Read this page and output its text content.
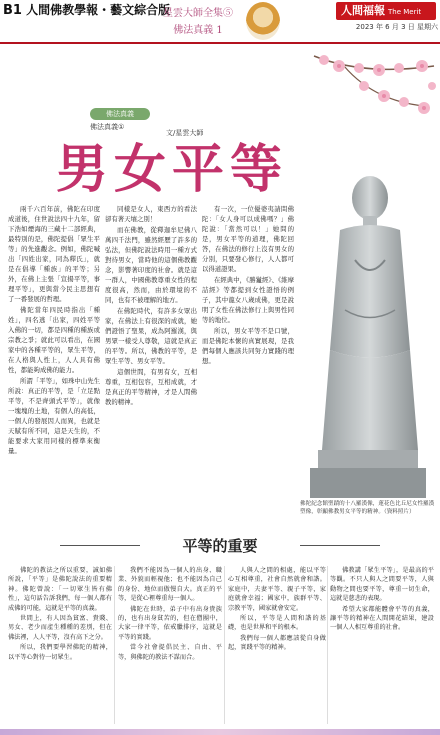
B1 人間佛教學報・藝文綜合版
星雲大師全集⑤
佛法真義 1
人間福報 The Merit Times
2023 年 6 月 3 日 星期六
佛法真義
佛法真義①
文/星雲大師
男女平等

兩千六百年前，佛陀在印度成道後，住世說法四十九年，留下浩如煙海的三藏十二部經典，最特別的是，佛陀提倡「眾生平等」的先進觀念。例如，佛陀喊出「四姓出家，同為釋氏」，就是在倡導「種族」的平等；另外，在佛上主張「宣揚平等，事理平等」，更與當今民主思想有了一番發展的哲理。

佛陀當年四民時指出「種姓」，四名逃「出家，四姓平等入佛的一切，都是四種的種族或宗教之爭；就此可以看出，在國家中的各種平等的，眾生平等，在人格與人性上，人人具有佛性，都能夠成佛的能力。

所謂「平等」，如珠中山先生所說：真正的平等，是「立足點平等，不是齊頭式平等」，就像一塊塊的土地，有個人的高低，一個人的發展因人而異，也就是天賦有所不同，這是天生的，不能要求大家用同樣的標準來衡量。

同樣是女人，東西方的看法卻有著天壤之別！

而在佛教，從釋迦牟尼佛八萬四千法門，雖然經歷了許多的弘法，但佛陀說法時用一種方式對待男女，當時他的這個佛教觀念，影響著印度的社會。就是這一群人，中國佛教尊重女性的程度很高，然而，由於環境的不同，也有不被理解的地方。

在佛陀時代，有許多女眾出家，在佛法上有很深的成就，她們證悟了聖果，成為阿羅漢，與男眾一樣受人尊敬，這就是真正的平等。所以，佛教的平等，是眾生平等、男女平等。

這個世間，有男有女，互相尊重，互相包容，互相成就，才是真正的平等精神，才是人間佛教的精神。

有一次，一位優婆夷請問佛陀：「女人身可以成佛嗎？」佛陀說：「當然可以！」她問的是，男女平等的道理，佛陀回答，在佛法的修行上沒有男女的分別，只要發心修行，人人都可以得道證果。

在經典中，《勝鬘經》、《維摩詰經》等都提到女性證悟的例子，其中龍女八歲成佛，更是說明了女性在佛法修行上與男性同等的地位。

所以，男女平等不是口號，而是佛陀本懷的真實展現，是我們每個人應該共同努力實踐的理想。

佛陀紀念館聖蹟的十八羅漢像，蓮花色比丘尼女性羅漢塑像，彰顯佛教男女平等的精神。（資料照片）
平等的重要

佛陀的教法之所以重要，誠如佛所說，「平等」是佛陀說法的重要精神。佛陀曾說：「一切眾生皆有佛性」，這句話告訴我們，每一個人都有成佛的可能，這就是平等的真義。

世間上，有人因為貧富、貴賤、男女、老少而產生種種的差別，但在佛法裡，人人平等，沒有高下之分。

所以，我們要學習佛陀的精神，以平等心對待一切眾生。

我們不能因為一個人的出身、職業、外貌而輕視他；也不能因為自己的身份、地位而傲慢自大。真正的平等，是從心裡尊重每一個人。

佛陀在世時，弟子中有出身貴族的，也有出身貧苦的，但在僧團中，大家一律平等，依戒臘排序，這就是平等的實踐。

當今社會提倡民主、自由、平等，與佛陀的教法不謀而合。

人與人之間的相處，能以平等心互相尊重，社會自然就會和諧。家庭中，夫妻平等、親子平等，家庭就會幸福；國家中，族群平等、宗教平等，國家就會安定。

所以，平等是人間和諧的基礎，也是世界和平的根本。

我們每一個人都應該從自身做起，實踐平等的精神。

佛教講「眾生平等」，是最高的平等觀。不只人與人之間要平等，人與動物之間也要平等，尊重一切生命，這就是慈悲的表現。

希望大家都能體會平等的真義，讓平等的精神在人間開花結果，建設一個人人相互尊重的社會。
